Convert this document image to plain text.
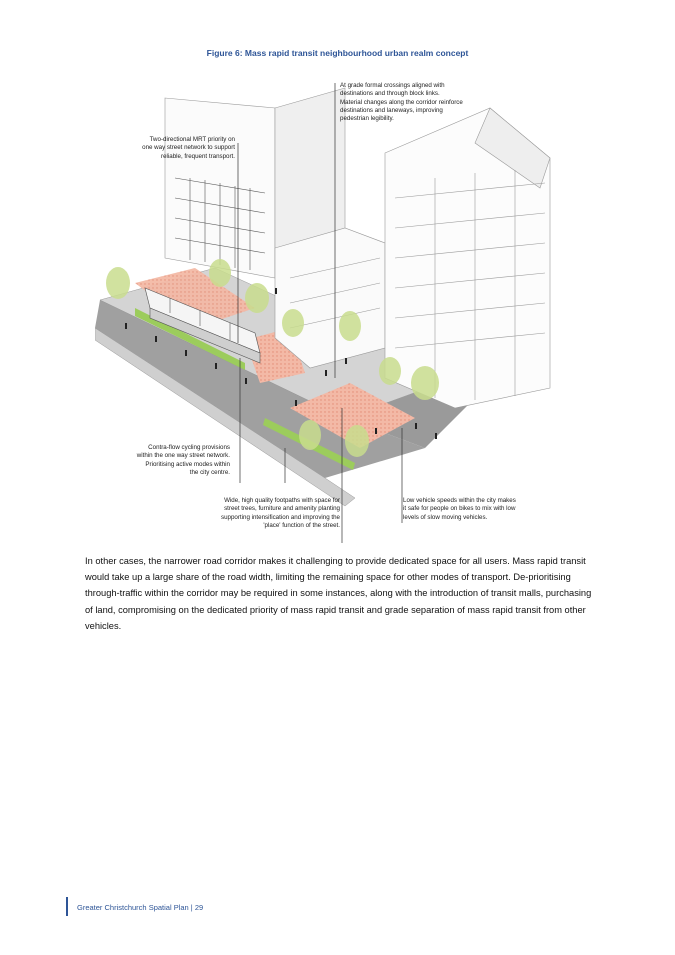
Figure 6: Mass rapid transit neighbourhood urban realm concept
Two-directional MRT priority on
one way street network to support
reliable, frequent transport.
At grade formal crossings aligned with
destinations and through block links.
Material changes along the corridor reinforce
destinations and laneways, improving
pedestrian legibility.
Contra-flow cycling provisions
within the one way street network.
Prioritising active modes within
the city centre.
Wide, high quality footpaths with space for
street trees, furniture and amenity planting
supporting intensification and improving the
'place' function of the street.
Low vehicle speeds within the city makes
it safe for people on bikes to mix with low
levels of slow moving vehicles.
In other cases, the narrower road corridor makes it challenging to provide dedicated space for all users. Mass rapid transit would take up a large share of the road width, limiting the remaining space for other modes of transport. De-prioritising through-traffic within the corridor may be required in some instances, along with the introduction of transit malls, purchasing of land, compromising on the dedicated priority of mass rapid transit and grade separation of mass rapid transit from other vehicles.
Greater Christchurch Spatial Plan | 29
